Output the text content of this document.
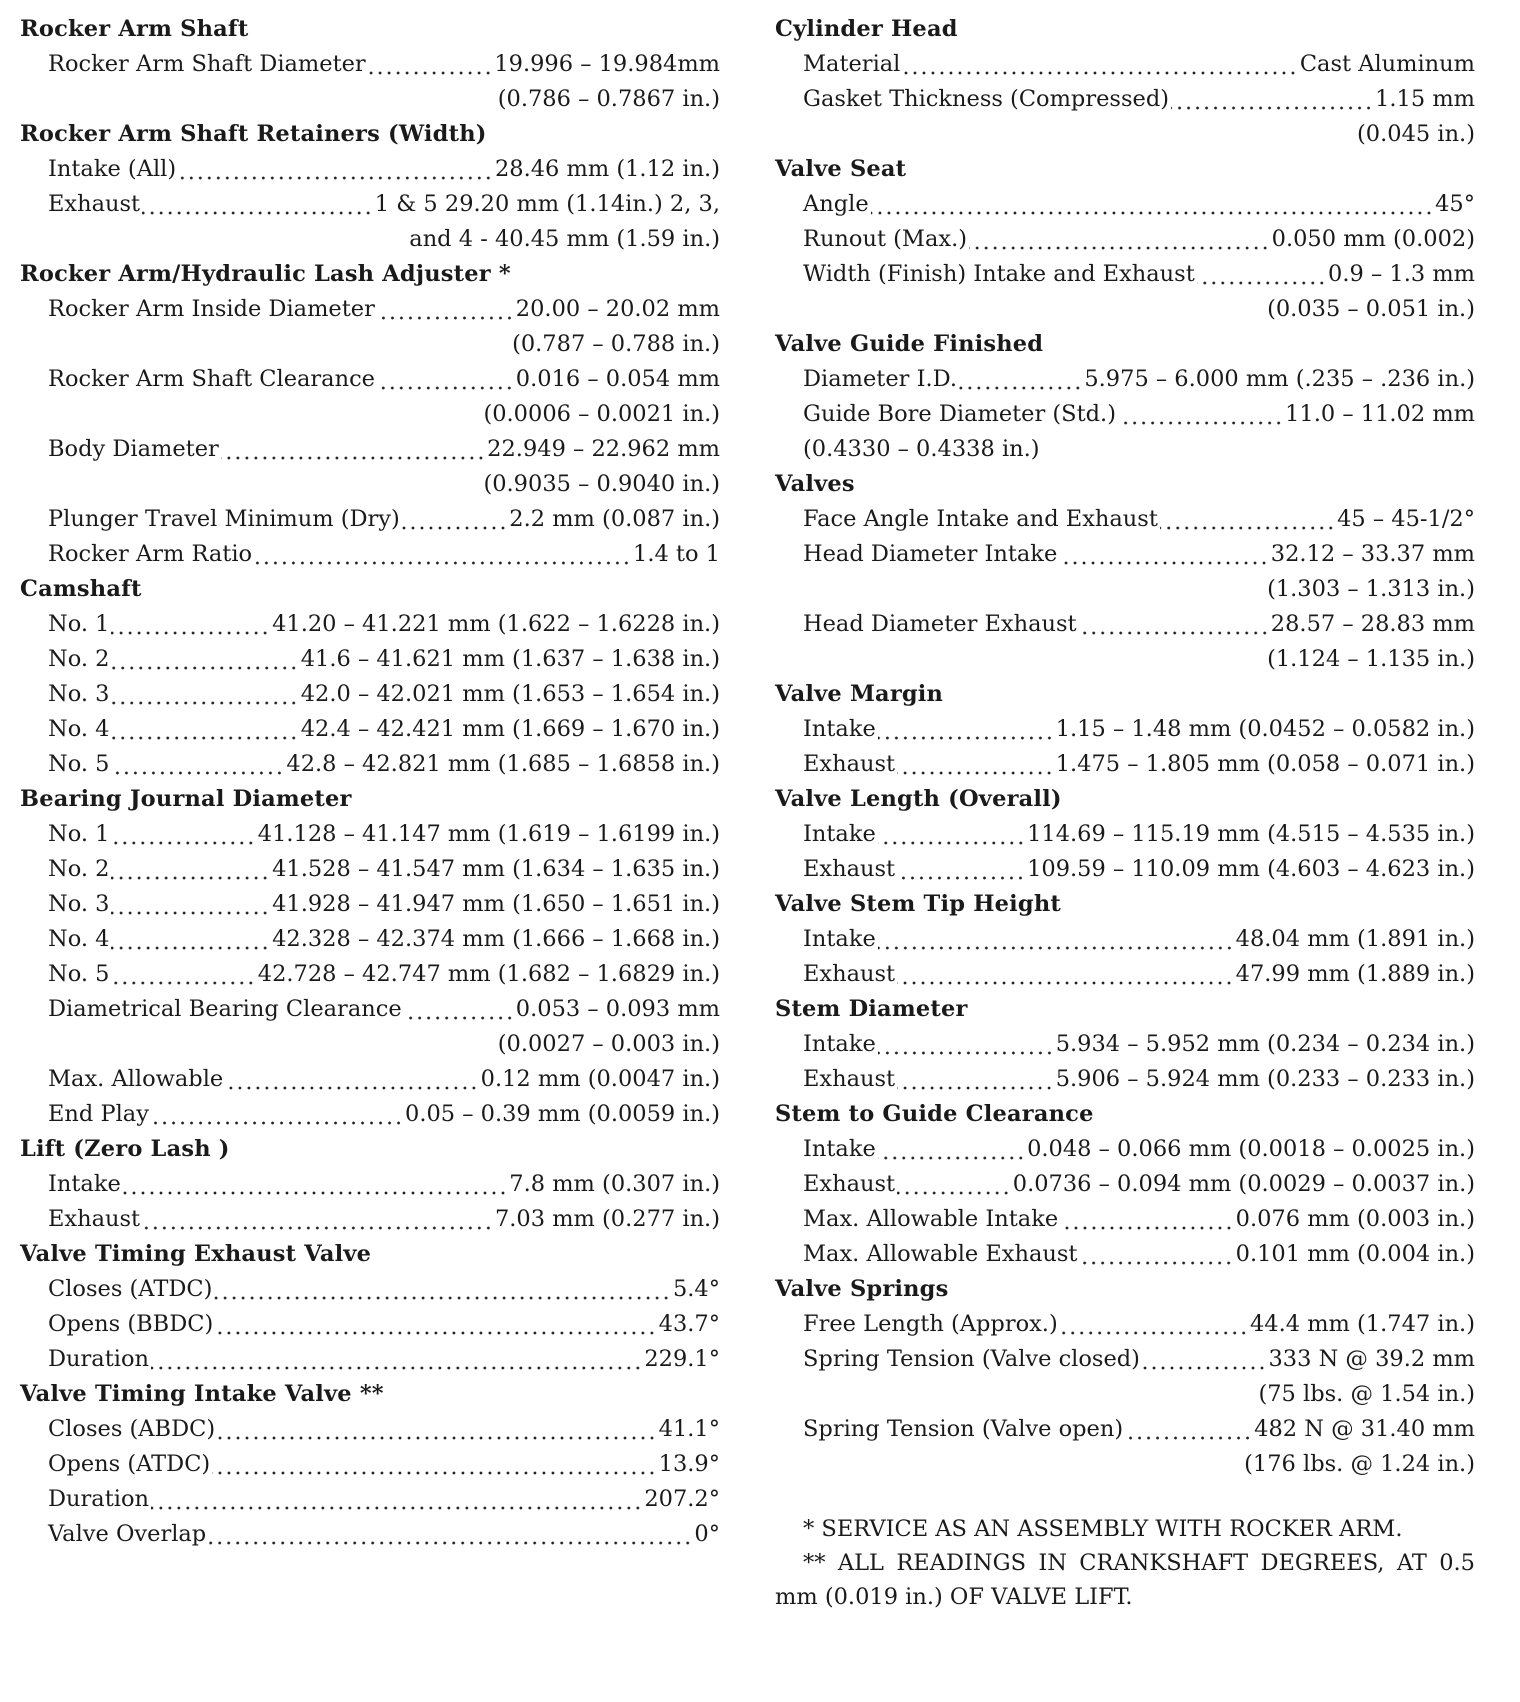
Rocker Arm Shaft
Rocker Arm Shaft Diameter	19.996 – 19.984mm
(0.786 – 0.7867 in.)
Rocker Arm Shaft Retainers (Width)
Intake (All)	28.46 mm (1.12 in.)
Exhaust	1 & 5 29.20 mm (1.14in.) 2, 3,
and 4 - 40.45 mm (1.59 in.)
Rocker Arm/Hydraulic Lash Adjuster *
Rocker Arm Inside Diameter	20.00 – 20.02 mm
(0.787 – 0.788 in.)
Rocker Arm Shaft Clearance	0.016 – 0.054 mm
(0.0006 – 0.0021 in.)
Body Diameter	22.949 – 22.962 mm
(0.9035 – 0.9040 in.)
Plunger Travel Minimum (Dry)	2.2 mm (0.087 in.)
Rocker Arm Ratio	1.4 to 1
Camshaft
No. 1	41.20 – 41.221 mm (1.622 – 1.6228 in.)
No. 2	41.6 – 41.621 mm (1.637 – 1.638 in.)
No. 3	42.0 – 42.021 mm (1.653 – 1.654 in.)
No. 4	42.4 – 42.421 mm (1.669 – 1.670 in.)
No. 5	42.8 – 42.821 mm (1.685 – 1.6858 in.)
Bearing Journal Diameter
No. 1	41.128 – 41.147 mm (1.619 – 1.6199 in.)
No. 2	41.528 – 41.547 mm (1.634 – 1.635 in.)
No. 3	41.928 – 41.947 mm (1.650 – 1.651 in.)
No. 4	42.328 – 42.374 mm (1.666 – 1.668 in.)
No. 5	42.728 – 42.747 mm (1.682 – 1.6829 in.)
Diametrical Bearing Clearance	0.053 – 0.093 mm
(0.0027 – 0.003 in.)
Max. Allowable	0.12 mm (0.0047 in.)
End Play	0.05 – 0.39 mm (0.0059 in.)
Lift (Zero Lash )
Intake	7.8 mm (0.307 in.)
Exhaust	7.03 mm (0.277 in.)
Valve Timing Exhaust Valve
Closes (ATDC)	5.4°
Opens (BBDC)	43.7°
Duration	229.1°
Valve Timing Intake Valve **
Closes (ABDC)	41.1°
Opens (ATDC)	13.9°
Duration	207.2°
Valve Overlap	0°
Cylinder Head
Material	Cast Aluminum
Gasket Thickness (Compressed)	1.15 mm
(0.045 in.)
Valve Seat
Angle	45°
Runout (Max.)	0.050 mm (0.002)
Width (Finish) Intake and Exhaust	0.9 – 1.3 mm
(0.035 – 0.051 in.)
Valve Guide Finished
Diameter I.D.	5.975 – 6.000 mm (.235 – .236 in.)
Guide Bore Diameter (Std.)	11.0 – 11.02 mm
(0.4330 – 0.4338 in.)
Valves
Face Angle Intake and Exhaust	45 – 45-1/2°
Head Diameter Intake	32.12 – 33.37 mm
(1.303 – 1.313 in.)
Head Diameter Exhaust	28.57 – 28.83 mm
(1.124 – 1.135 in.)
Valve Margin
Intake	1.15 – 1.48 mm (0.0452 – 0.0582 in.)
Exhaust	1.475 – 1.805 mm (0.058 – 0.071 in.)
Valve Length (Overall)
Intake	114.69 – 115.19 mm (4.515 – 4.535 in.)
Exhaust	109.59 – 110.09 mm (4.603 – 4.623 in.)
Valve Stem Tip Height
Intake	48.04 mm (1.891 in.)
Exhaust	47.99 mm (1.889 in.)
Stem Diameter
Intake	5.934 – 5.952 mm (0.234 – 0.234 in.)
Exhaust	5.906 – 5.924 mm (0.233 – 0.233 in.)
Stem to Guide Clearance
Intake	0.048 – 0.066 mm (0.0018 – 0.0025 in.)
Exhaust	0.0736 – 0.094 mm (0.0029 – 0.0037 in.)
Max. Allowable Intake	0.076 mm (0.003 in.)
Max. Allowable Exhaust	0.101 mm (0.004 in.)
Valve Springs
Free Length (Approx.)	44.4 mm (1.747 in.)
Spring Tension (Valve closed)	333 N @ 39.2 mm
(75 lbs. @ 1.54 in.)
Spring Tension (Valve open)	482 N @ 31.40 mm
(176 lbs. @ 1.24 in.)

* SERVICE AS AN ASSEMBLY WITH ROCKER ARM.

** ALL READINGS IN CRANKSHAFT DEGREES, AT 0.5 mm (0.019 in.) OF VALVE LIFT.
